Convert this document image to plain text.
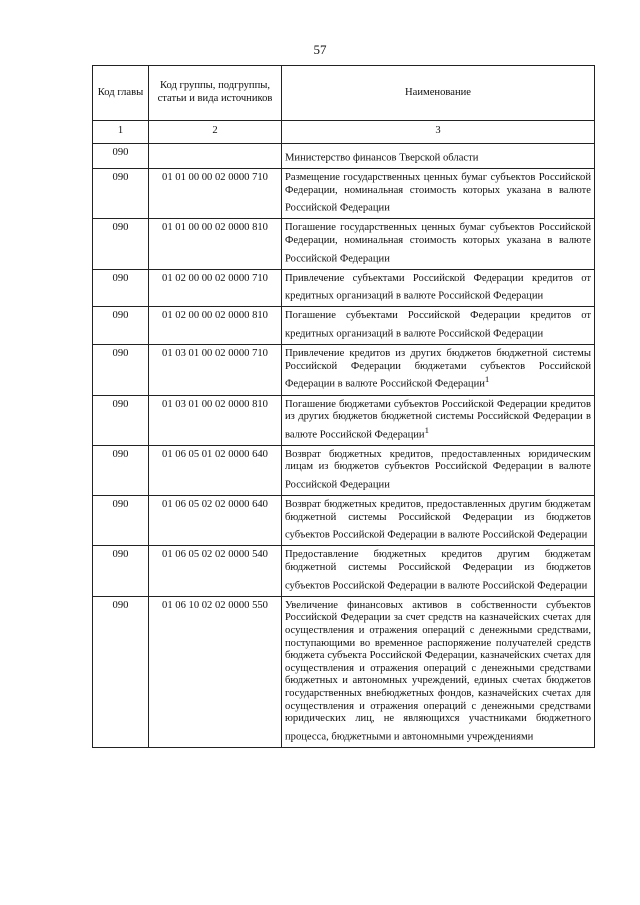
57
Код главы	Код группы, подгруппы, статьи и вида источников	Наименование
1	2	3
090		Министерство финансов Тверской области
090	01 01 00 00 02 0000 710	Размещение государственных ценных бумаг субъектов Российской Федерации, номинальная стоимость которых указана в валюте Российской Федерации
090	01 01 00 00 02 0000 810	Погашение государственных ценных бумаг субъектов Российской Федерации, номинальная стоимость которых указана в валюте Российской Федерации
090	01 02 00 00 02 0000 710	Привлечение субъектами Российской Федерации кредитов от кредитных организаций в валюте Российской Федерации
090	01 02 00 00 02 0000 810	Погашение субъектами Российской Федерации кредитов от кредитных организаций в валюте Российской Федерации
090	01 03 01 00 02 0000 710	Привлечение кредитов из других бюджетов бюджетной системы Российской Федерации бюджетами субъектов Российской Федерации в валюте Российской Федерации$^1$
090	01 03 01 00 02 0000 810	Погашение бюджетами субъектов Российской Федерации кредитов из других бюджетов бюджетной системы Российской Федерации в валюте Российской Федерации$^1$
090	01 06 05 01 02 0000 640	Возврат бюджетных кредитов, предоставленных юридическим лицам из бюджетов субъектов Российской Федерации в валюте Российской Федерации
090	01 06 05 02 02 0000 640	Возврат бюджетных кредитов, предоставленных другим бюджетам бюджетной системы Российской Федерации из бюджетов субъектов Российской Федерации в валюте Российской Федерации
090	01 06 05 02 02 0000 540	Предоставление бюджетных кредитов другим бюджетам бюджетной системы Российской Федерации из бюджетов субъектов Российской Федерации в валюте Российской Федерации
090	01 06 10 02 02 0000 550	Увеличение финансовых активов в собственности субъектов Российской Федерации за счет средств на казначейских счетах для осуществления и отражения операций с денежными средствами, поступающими во временное распоряжение получателей средств бюджета субъекта Российской Федерации, казначейских счетах для осуществления и отражения операций с денежными средствами бюджетных и автономных учреждений, единых счетах бюджетов государственных внебюджетных фондов, казначейских счетах для осуществления и отражения операций с денежными средствами юридических лиц, не являющихся участниками бюджетного процесса, бюджетными и автономными учреждениями
